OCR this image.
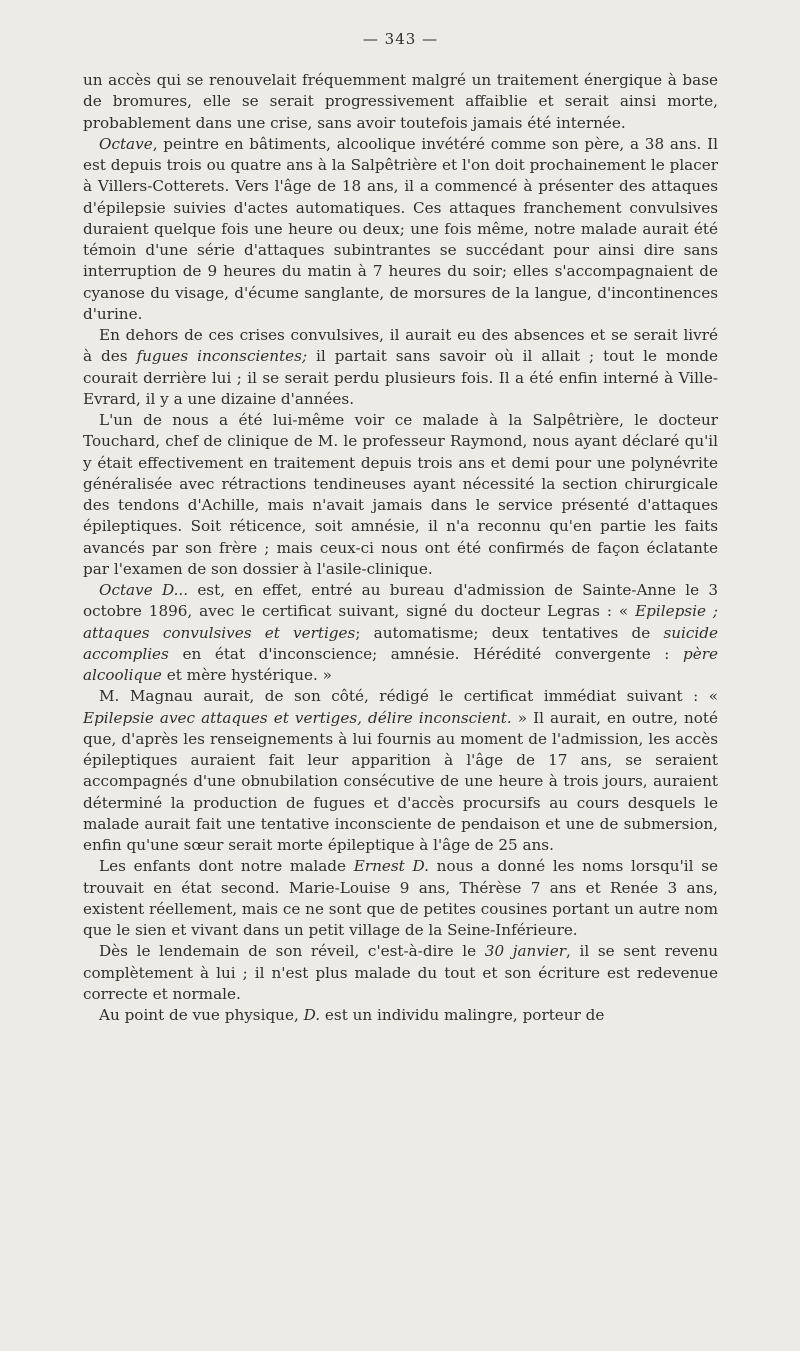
— 343 —

un accès qui se renouvelait fréquemment malgré un traitement énergique à base de bromures, elle se serait progressivement affaiblie et serait ainsi morte, probablement dans une crise, sans avoir toutefois jamais été internée.

Octave, peintre en bâtiments, alcoolique invétéré comme son père, a 38 ans. Il est depuis trois ou quatre ans à la Salpêtrière et l'on doit prochainement le placer à Villers-Cotterets. Vers l'âge de 18 ans, il a commencé à présenter des attaques d'épilepsie suivies d'actes automatiques. Ces attaques franchement convulsives duraient quelque fois une heure ou deux; une fois même, notre malade aurait été témoin d'une série d'attaques subintrantes se succédant pour ainsi dire sans interruption de 9 heures du matin à 7 heures du soir; elles s'accompagnaient de cyanose du visage, d'écume sanglante, de morsures de la langue, d'incontinences d'urine.

En dehors de ces crises convulsives, il aurait eu des absences et se serait livré à des fugues inconscientes; il partait sans savoir où il allait ; tout le monde courait derrière lui ; il se serait perdu plusieurs fois. Il a été enfin interné à Ville-Evrard, il y a une dizaine d'années.

L'un de nous a été lui-même voir ce malade à la Salpêtrière, le docteur Touchard, chef de clinique de M. le professeur Raymond, nous ayant déclaré qu'il y était effectivement en traitement depuis trois ans et demi pour une polynévrite généralisée avec rétractions tendineuses ayant nécessité la section chirurgicale des tendons d'Achille, mais n'avait jamais dans le service présenté d'attaques épileptiques. Soit réticence, soit amnésie, il n'a reconnu qu'en partie les faits avancés par son frère ; mais ceux-ci nous ont été confirmés de façon éclatante par l'examen de son dossier à l'asile-clinique.

Octave D... est, en effet, entré au bureau d'admission de Sainte-Anne le 3 octobre 1896, avec le certificat suivant, signé du docteur Legras : « Epilepsie ; attaques convulsives et vertiges; automatisme; deux tentatives de suicide accomplies en état d'inconscience; amnésie. Hérédité convergente : père alcoolique et mère hystérique. »

M. Magnau aurait, de son côté, rédigé le certificat immédiat suivant : « Epilepsie avec attaques et vertiges, délire inconscient. » Il aurait, en outre, noté que, d'après les renseignements à lui fournis au moment de l'admission, les accès épileptiques auraient fait leur apparition à l'âge de 17 ans, se seraient accompagnés d'une obnubilation consécutive de une heure à trois jours, auraient déterminé la production de fugues et d'accès procursifs au cours desquels le malade aurait fait une tentative inconsciente de pendaison et une de submersion, enfin qu'une sœur serait morte épileptique à l'âge de 25 ans.

Les enfants dont notre malade Ernest D. nous a donné les noms lorsqu'il se trouvait en état second. Marie-Louise 9 ans, Thérèse 7 ans et Renée 3 ans, existent réellement, mais ce ne sont que de petites cousines portant un autre nom que le sien et vivant dans un petit village de la Seine-Inférieure.

Dès le lendemain de son réveil, c'est-à-dire le 30 janvier, il se sent revenu complètement à lui ; il n'est plus malade du tout et son écriture est redevenue correcte et normale.

Au point de vue physique, D. est un individu malingre, porteur de
